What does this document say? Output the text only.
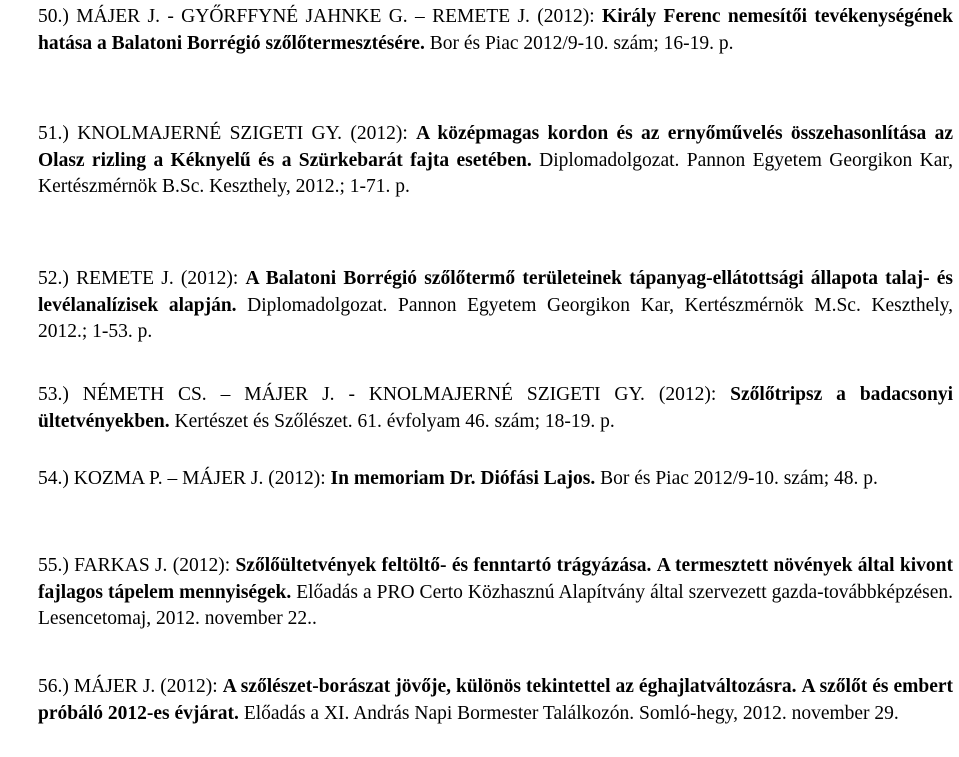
50.) MÁJER J. - GYŐRFFYNÉ JAHNKE G. – REMETE J. (2012): Király Ferenc nemesítői tevékenységének hatása a Balatoni Borrégió szőlőtermesztésére. Bor és Piac 2012/9-10. szám; 16-19. p.
51.) KNOLMAJERNÉ SZIGETI GY. (2012): A középmagas kordon és az ernyőművelés összehasonlítása az Olasz rizling a Kéknyelű és a Szürkebarát fajta esetében. Diplomadolgozat. Pannon Egyetem Georgikon Kar, Kertészmérnök B.Sc. Keszthely, 2012.; 1-71. p.
52.) REMETE J. (2012): A Balatoni Borrégió szőlőtermő területeinek tápanyag-ellátottsági állapota talaj- és levélanalízisek alapján. Diplomadolgozat. Pannon Egyetem Georgikon Kar, Kertészmérnök M.Sc. Keszthely, 2012.; 1-53. p.
53.) NÉMETH CS. – MÁJER J. - KNOLMAJERNÉ SZIGETI GY. (2012): Szőlőtripsz a badacsonyi ültetvényekben. Kertészet és Szőlészet. 61. évfolyam 46. szám; 18-19. p.
54.) KOZMA P. – MÁJER J. (2012): In memoriam Dr. Diófási Lajos. Bor és Piac 2012/9-10. szám; 48. p.
55.) FARKAS J. (2012): Szőlőültetvények feltöltő- és fenntartó trágyázása. A termesztett növények által kivont fajlagos tápelem mennyiségek. Előadás a PRO Certo Közhasznú Alapítvány által szervezett gazda-továbbképzésen. Lesencetomaj, 2012. november 22..
56.) MÁJER J. (2012): A szőlészet-borászat jövője, különös tekintettel az éghajlatváltozásra. A szőlőt és embert próbáló 2012-es évjárat. Előadás a XI. András Napi Bormester Találkozón. Somló-hegy, 2012. november 29.
